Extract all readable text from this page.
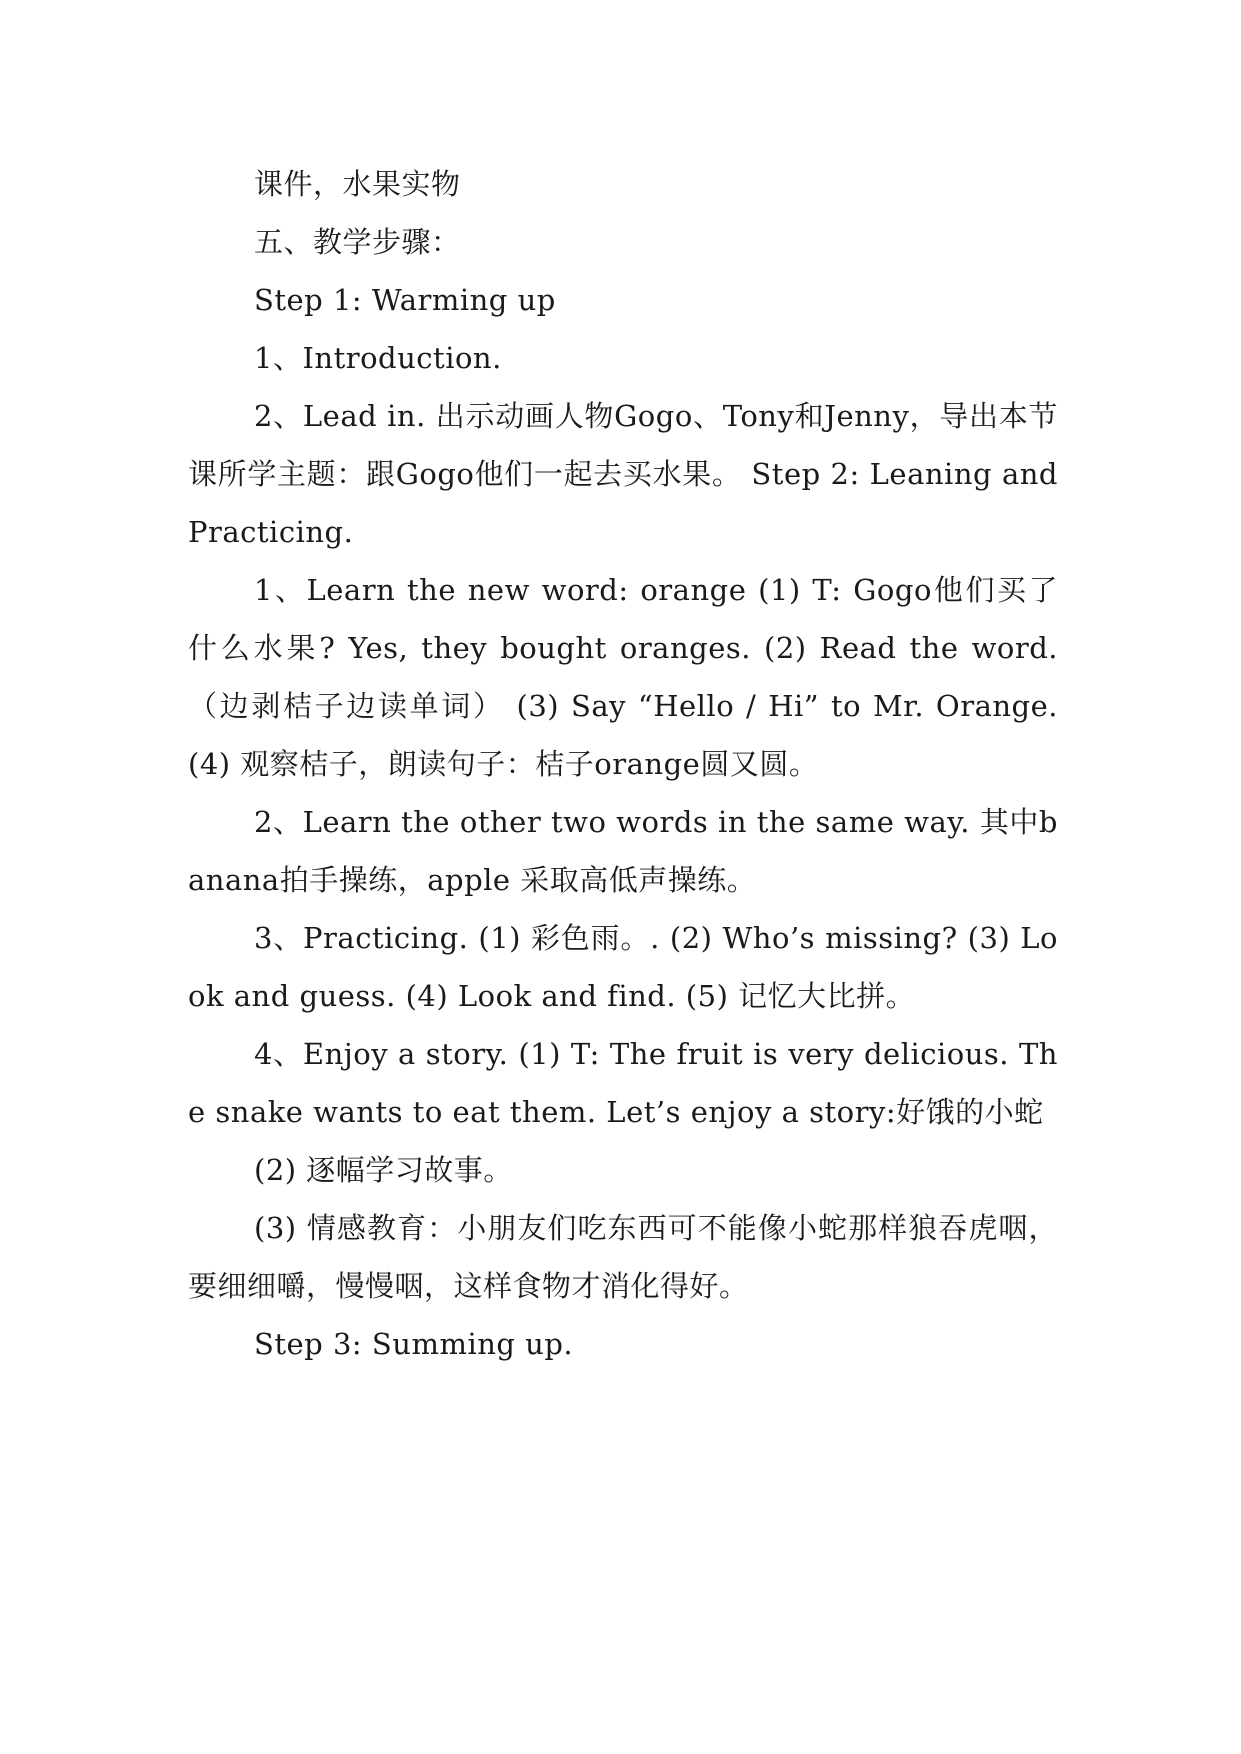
课件，水果实物

五、教学步骤：

Step 1: Warming up

1、Introduction.

2、Lead in. 出示动画人物Gogo、Tony和Jenny，导出本节课所学主题：跟Gogo他们一起去买水果。 Step 2: Leaning and Practicing.

1、Learn the new word: orange (1) T: Gogo他们买了什么水果? Yes, they bought oranges. (2) Read the word.（边剥桔子边读单词） (3) Say “Hello / Hi” to Mr. Orange. (4) 观察桔子，朗读句子：桔子orange圆又圆。

2、Learn the other two words in the same way. 其中banana拍手操练，apple 采取高低声操练。

3、Practicing. (1) 彩色雨。. (2) Who’s missing? (3) Look and guess. (4) Look and find. (5) 记忆大比拼。

4、Enjoy a story. (1) T: The fruit is very delicious. The snake wants to eat them. Let’s enjoy a story:好饿的小蛇

(2) 逐幅学习故事。

(3) 情感教育：小朋友们吃东西可不能像小蛇那样狼吞虎咽，要细细嚼，慢慢咽，这样食物才消化得好。

Step 3: Summing up.
